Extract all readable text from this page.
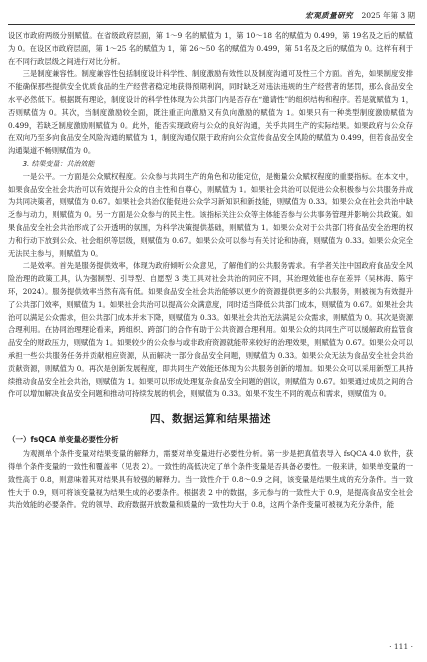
宏观质量研究 2025 年第 3 期

设区市政府两级分别赋值。在省级政府层面，第 1～9 名的赋值为 1，第 10～18 名的赋值为 0.499，第 19名及之后的赋值为 0。在设区市政府层面，第 1～25 名的赋值为 1，第 26～50 名的赋值为 0.499，第 51名及之后的赋值为 0。这样有利于在不同行政层级之间进行对比分析。

三是制度兼容性。制度兼容性包括制度设计科学性、制度激励有效性以及制度沟通可及性三个方面。首先，如果制度安排不能确保那些提供安全优质食品的生产经营者稳定地获得预期利润，同时缺乏对违法违规的生产经营者的惩罚，那么食品安全水平必然低下。根据既有理论，制度设计的科学性体现为公共部门内是否存在“邀请性”的组织结构和程序。若是就赋值为 1，否则赋值为 0。其次，当制度激励较全面，既注重正向激励又有负向激励的赋值为 1。如果只有一种类型制度激励赋值为 0.499，若缺乏制度激励则赋值为 0。此外，能否实现政府与公众的良好沟通，关乎共同生产的实际结果。如果政府与公众存在双向乃至多向食品安全风险沟通的赋值为 1，制度沟通仅限于政府向公众宣传食品安全风险的赋值为 0.499，但若食品安全沟通渠道不畅则赋值为 0。

3. 结果变量：共治效能

一是公平。一方面是公众赋权程度。公众参与共同生产的角色和功能定位，是衡量公众赋权程度的重要指标。在本文中，如果食品安全社会共治可以有效提升公众的自主性和自尊心，则赋值为 1。如果社会共治可以促进公众积极参与公共服务并成为共同决策者，则赋值为 0.67。如果社会共治仅能促进公众学习新知识和新技能，则赋值为 0.33。如果公众在社会共治中缺乏参与动力，则赋值为 0。另一方面是公众参与的民主性。该指标关注公众等主体能否参与公共事务管理并影响公共政策。如果食品安全社会共治形成了公开透明的氛围，为科学决策提供基础，则赋值为 1。如果公众对于公共部门将食品安全治理的权力和行动下放到公众、社会组织等层级，则赋值为 0.67。如果公众可以参与有关讨论和协商，则赋值为 0.33。如果公众完全无法民主参与，则赋值为 0。

二是效率。首先是服务提供效率，体现为政府倾听公众意见，了解他们的公共服务需求。有学者关注中国政府食品安全风险治理的政策工具，认为强制型、引导型、自愿型 3 类工具对社会共治的同应不同，其治理效能也存在差异（吴林海、陈宇环，2024）。服务提供效率当然有高有低。如果食品安全社会共治能够以更少的资源提供更多的公共服务，则被视为有效提升了公共部门效率，则赋值为 1。如果社会共治可以提高公众满意度，同时适当降低公共部门成本，则赋值为 0.67。如果社会共治可以满足公众需求，但公共部门成本并未下降，则赋值为 0.33。如果社会共治无法满足公众需求，则赋值为 0。其次是资源合理利用。在协同治理理论看来，跨组织、跨部门的合作有助于公共资源合理利用。如果公众的共同生产可以缓解政府监管食品安全的财政压力，则赋值为 1。如果较少的公众参与或非政府资源就能带来较好的治理效果，则赋值为 0.67。如果公众可以承担一些公共服务任务并贡献相应资源，从而解决一部分食品安全问题，则赋值为 0.33。如果公众无法为食品安全社会共治贡献资源，则赋值为 0。再次是创新发展程度，即共同生产效能还体现为公共服务创新的增加。如果公众可以采用新型工具持续推动食品安全社会共治，则赋值为 1。如果可以形成处理复杂食品安全问题的倡议，则赋值为 0.67。如果通过成员之间的合作可以增加解决食品安全问题和推动可持续发展的机会，则赋值为 0.33。如果不发生不同的观点和需求，则赋值为 0。

四、数据运算和结果描述
（一）fsQCA 单变量必要性分析

为观测单个条件变量对结果变量的解释力，需要对单变量进行必要性分析。第一步是把真值表导入 fsQCA 4.0 软件，获得单个条件变量的一致性和覆盖率（见表 2）。一致性的高低决定了单个条件变量是否具备必要性。一般来讲，如果单变量的一致性高于 0.8，则意味着其对结果具有较强的解释力。当一致性介于 0.8～0.9 之间，该变量是结果生成的充分条件。当一致性大于 0.9，则可将该变量视为结果生成的必要条件。根据表 2 中的数据，多元参与的一致性大于 0.9，是提高食品安全社会共治效能的必要条件。党的领导、政府数据开放数量和质量的一致性均大于 0.8，这两个条件变量可被视为充分条件，能

· 111 ·
